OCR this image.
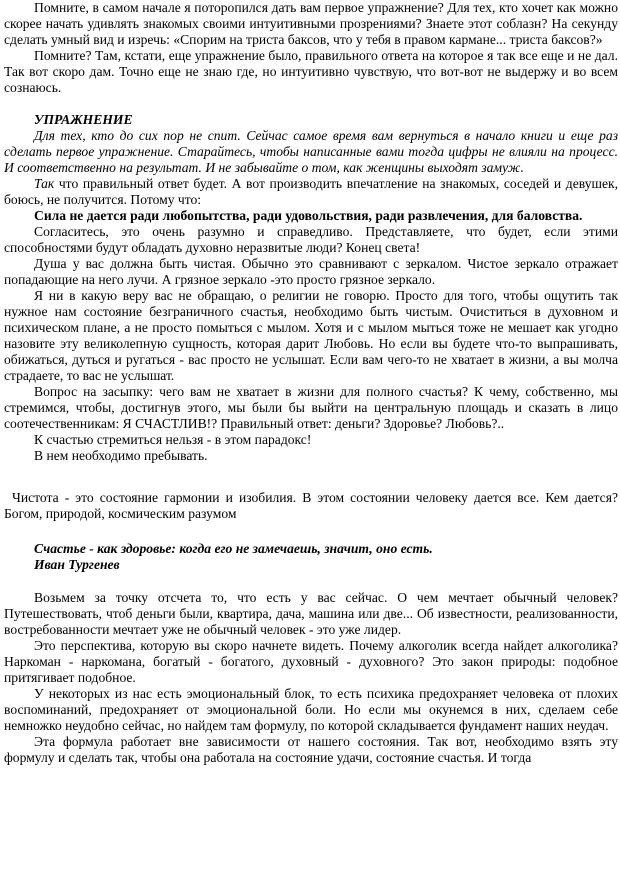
Помните, в самом начале я поторопился дать вам первое упражнение? Для тех, кто хочет как можно скорее начать удивлять знакомых своими интуитивными прозрениями? Знаете этот соблазн? На секунду сделать умный вид и изречь: «Спорим на триста баксов, что у тебя в правом кармане... триста баксов?»

Помните? Там, кстати, еще упражнение было, правильного ответа на которое я так все еще и не дал. Так вот скоро дам. Точно еще не знаю где, но интуитивно чувствую, что вот-вот не выдержу и во всем сознаюсь.

УПРАЖНЕНИЕ

Для тех, кто до сих пор не спит. Сейчас самое время вам вернуться в начало книги и еще раз сделать первое упражнение. Старайтесь, чтобы написанные вами тогда цифры не влияли на процесс. И соответственно на результат. И не забывайте о том, как женщины выходят замуж.

Так что правильный ответ будет. А вот производить впечатление на знакомых, соседей и девушек, боюсь, не получится. Потому что:

Сила не дается ради любопытства, ради удовольствия, ради развлечения, для баловства.

Согласитесь, это очень разумно и справедливо. Представляете, что будет, если этими способностями будут обладать духовно неразвитые люди? Конец света!

Душа у вас должна быть чистая. Обычно это сравнивают с зеркалом. Чистое зеркало отражает попадающие на него лучи. А грязное зеркало -это просто грязное зеркало.

Я ни в какую веру вас не обращаю, о религии не говорю. Просто для того, чтобы ощутить так нужное нам состояние безграничного счастья, необходимо быть чистым. Очиститься в духовном и психическом плане, а не просто помыться с мылом. Хотя и с мылом мыться тоже не мешает как угодно назовите эту великолепную сущность, которая дарит Любовь. Но если вы будете что-то выпрашивать, обижаться, дуться и ругаться - вас просто не услышат. Если вам чего-то не хватает в жизни, а вы молча страдаете, то вас не услышат.

Вопрос на засыпку: чего вам не хватает в жизни для полного счастья? К чему, собственно, мы стремимся, чтобы, достигнув этого, мы были бы выйти на центральную площадь и сказать в лицо соотечественникам: Я СЧАСТЛИВ!? Правильный ответ: деньги? Здоровье? Любовь?..

К счастью стремиться нельзя - в этом парадокс!

В нем необходимо пребывать.

Чистота - это состояние гармонии и изобилия. В этом состоянии человеку дается все. Кем дается? Богом, природой, космическим разумом

Счастье - как здоровье: когда его не замечаешь, значит, оно есть.

Иван Тургенев

Возьмем за точку отсчета то, что есть у вас сейчас. О чем мечтает обычный человек? Путешествовать, чтоб деньги были, квартира, дача, машина или две... Об известности, реализованности, востребованности мечтает уже не обычный человек - это уже лидер.

Это перспектива, которую вы скоро начнете видеть. Почему алкоголик всегда найдет алкоголика? Наркоман - наркомана, богатый - богатого, духовный - духовного? Это закон природы: подобное притягивает подобное.

У некоторых из нас есть эмоциональный блок, то есть психика предохраняет человека от плохих воспоминаний, предохраняет от эмоциональной боли. Но если мы окунемся в них, сделаем себе немножко неудобно сейчас, но найдем там формулу, по которой складывается фундамент наших неудач.

Эта формула работает вне зависимости от нашего состояния. Так вот, необходимо взять эту формулу и сделать так, чтобы она работала на состояние удачи, состояние счастья. И тогда
